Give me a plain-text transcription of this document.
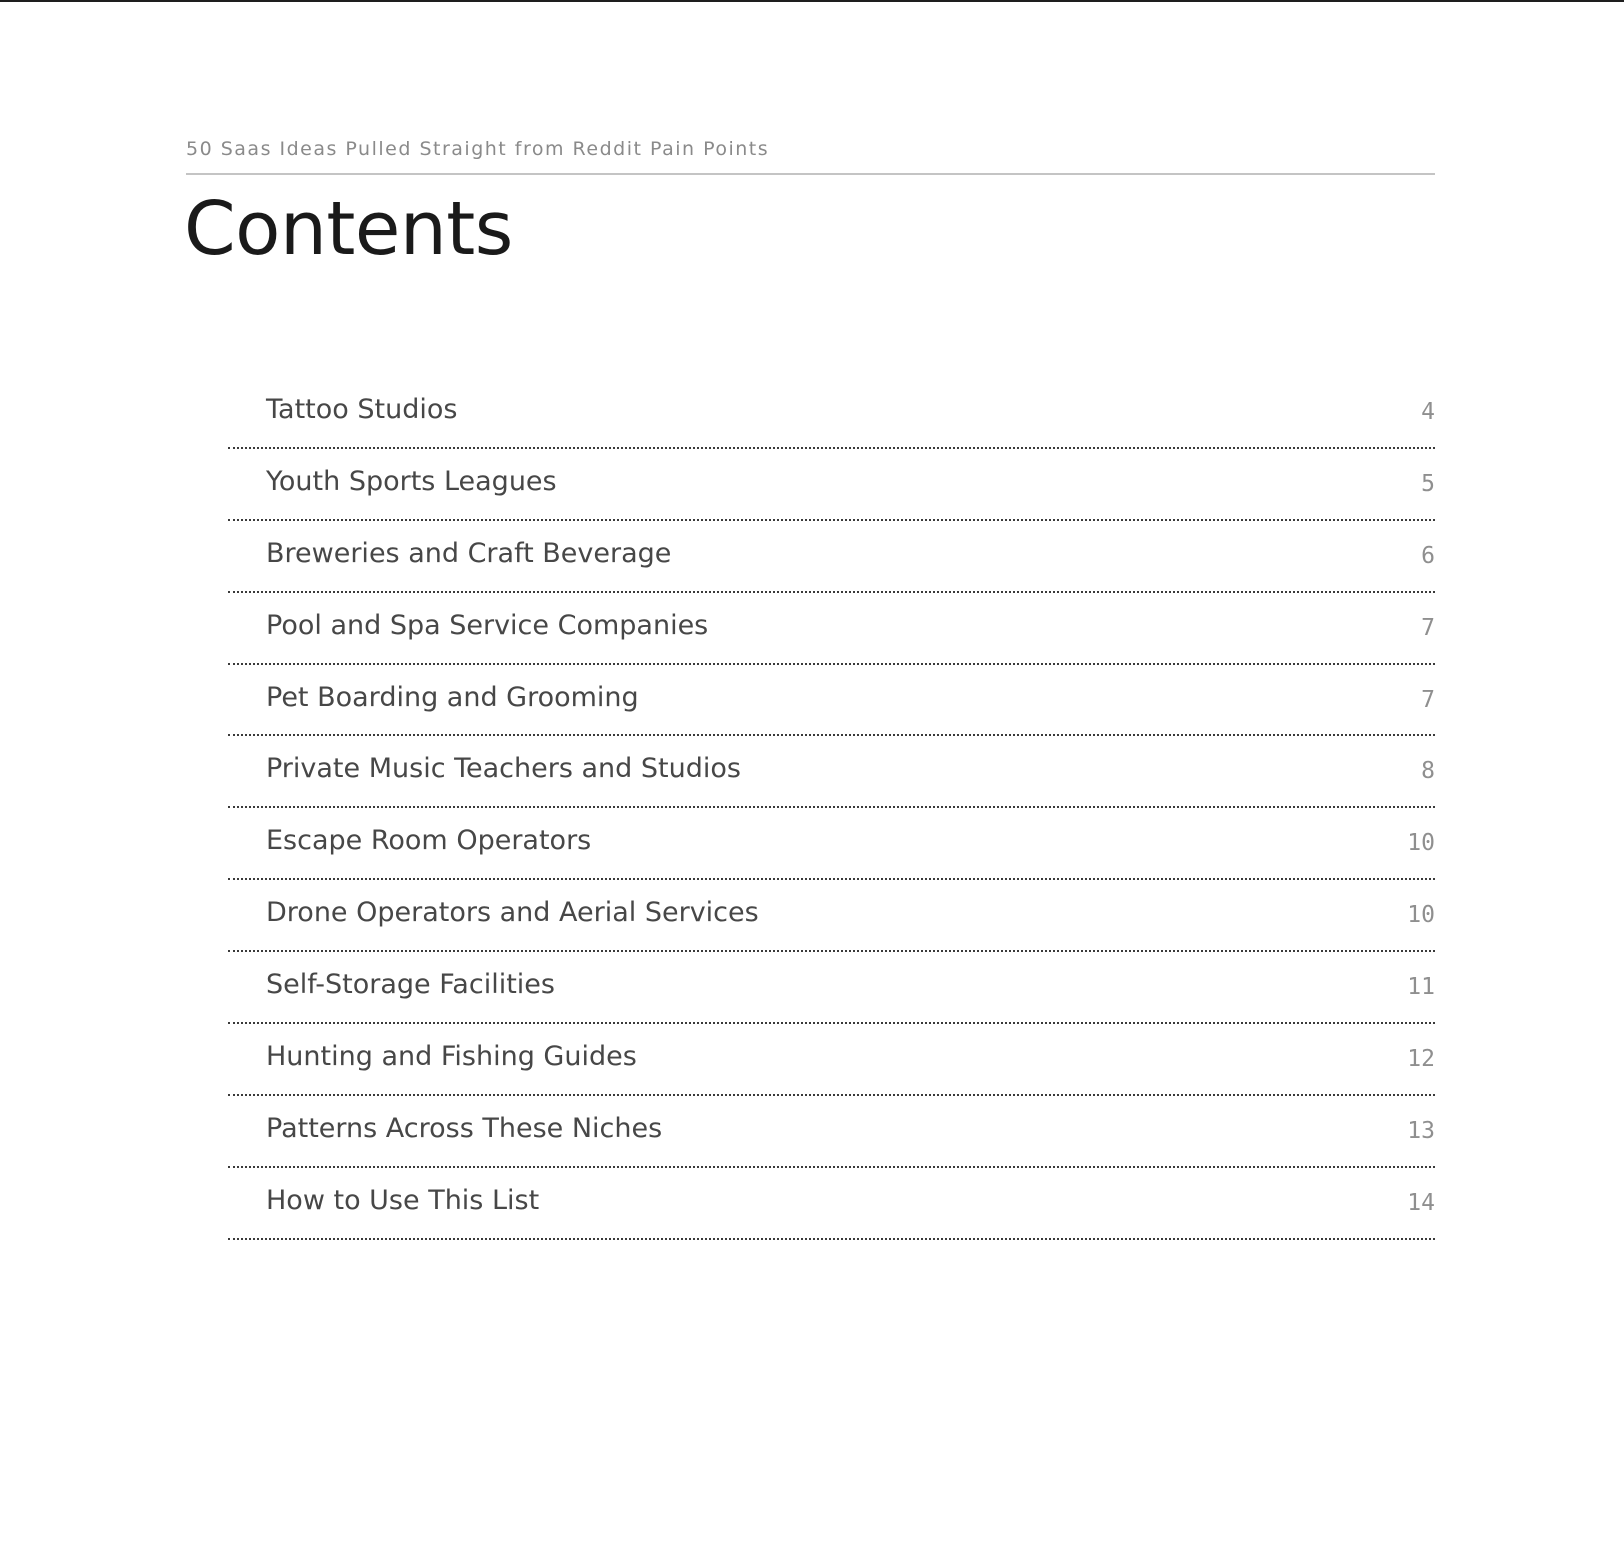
50 Saas Ideas Pulled Straight from Reddit Pain Points
Contents
Tattoo Studios	4
Youth Sports Leagues	5
Breweries and Craft Beverage	6
Pool and Spa Service Companies	7
Pet Boarding and Grooming	7
Private Music Teachers and Studios	8
Escape Room Operators	10
Drone Operators and Aerial Services	10
Self-Storage Facilities	11
Hunting and Fishing Guides	12
Patterns Across These Niches	13
How to Use This List	14
